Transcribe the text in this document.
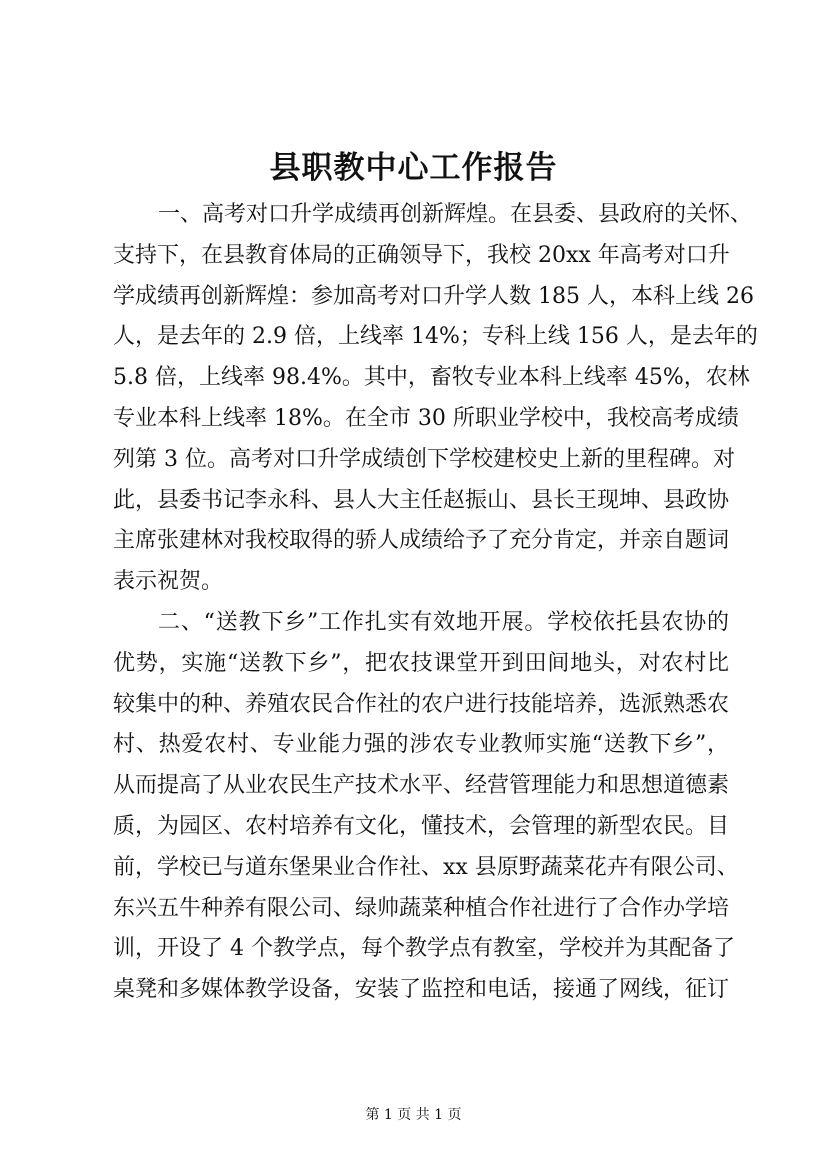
县职教中心工作报告
一、高考对口升学成绩再创新辉煌。在县委、县政府的关怀、
支持下，在县教育体局的正确领导下，我校 20xx 年高考对口升
学成绩再创新辉煌：参加高考对口升学人数 185 人，本科上线 26
人，是去年的 2.9 倍，上线率 14%；专科上线 156 人，是去年的
5.8 倍，上线率 98.4%。其中，畜牧专业本科上线率 45%，农林
专业本科上线率 18%。在全市 30 所职业学校中，我校高考成绩
列第 3 位。高考对口升学成绩创下学校建校史上新的里程碑。对
此，县委书记李永科、县人大主任赵振山、县长王现坤、县政协
主席张建林对我校取得的骄人成绩给予了充分肯定，并亲自题词
表示祝贺。
二、“送教下乡”工作扎实有效地开展。学校依托县农协的
优势，实施“送教下乡”，把农技课堂开到田间地头，对农村比
较集中的种、养殖农民合作社的农户进行技能培养，选派熟悉农
村、热爱农村、专业能力强的涉农专业教师实施“送教下乡”，
从而提高了从业农民生产技术水平、经营管理能力和思想道德素
质，为园区、农村培养有文化，懂技术，会管理的新型农民。目
前，学校已与道东堡果业合作社、xx 县原野蔬菜花卉有限公司、
东兴五牛种养有限公司、绿帅蔬菜种植合作社进行了合作办学培
训，开设了 4 个教学点，每个教学点有教室，学校并为其配备了
桌凳和多媒体教学设备，安装了监控和电话，接通了网线，征订
第 1 页 共 1 页
